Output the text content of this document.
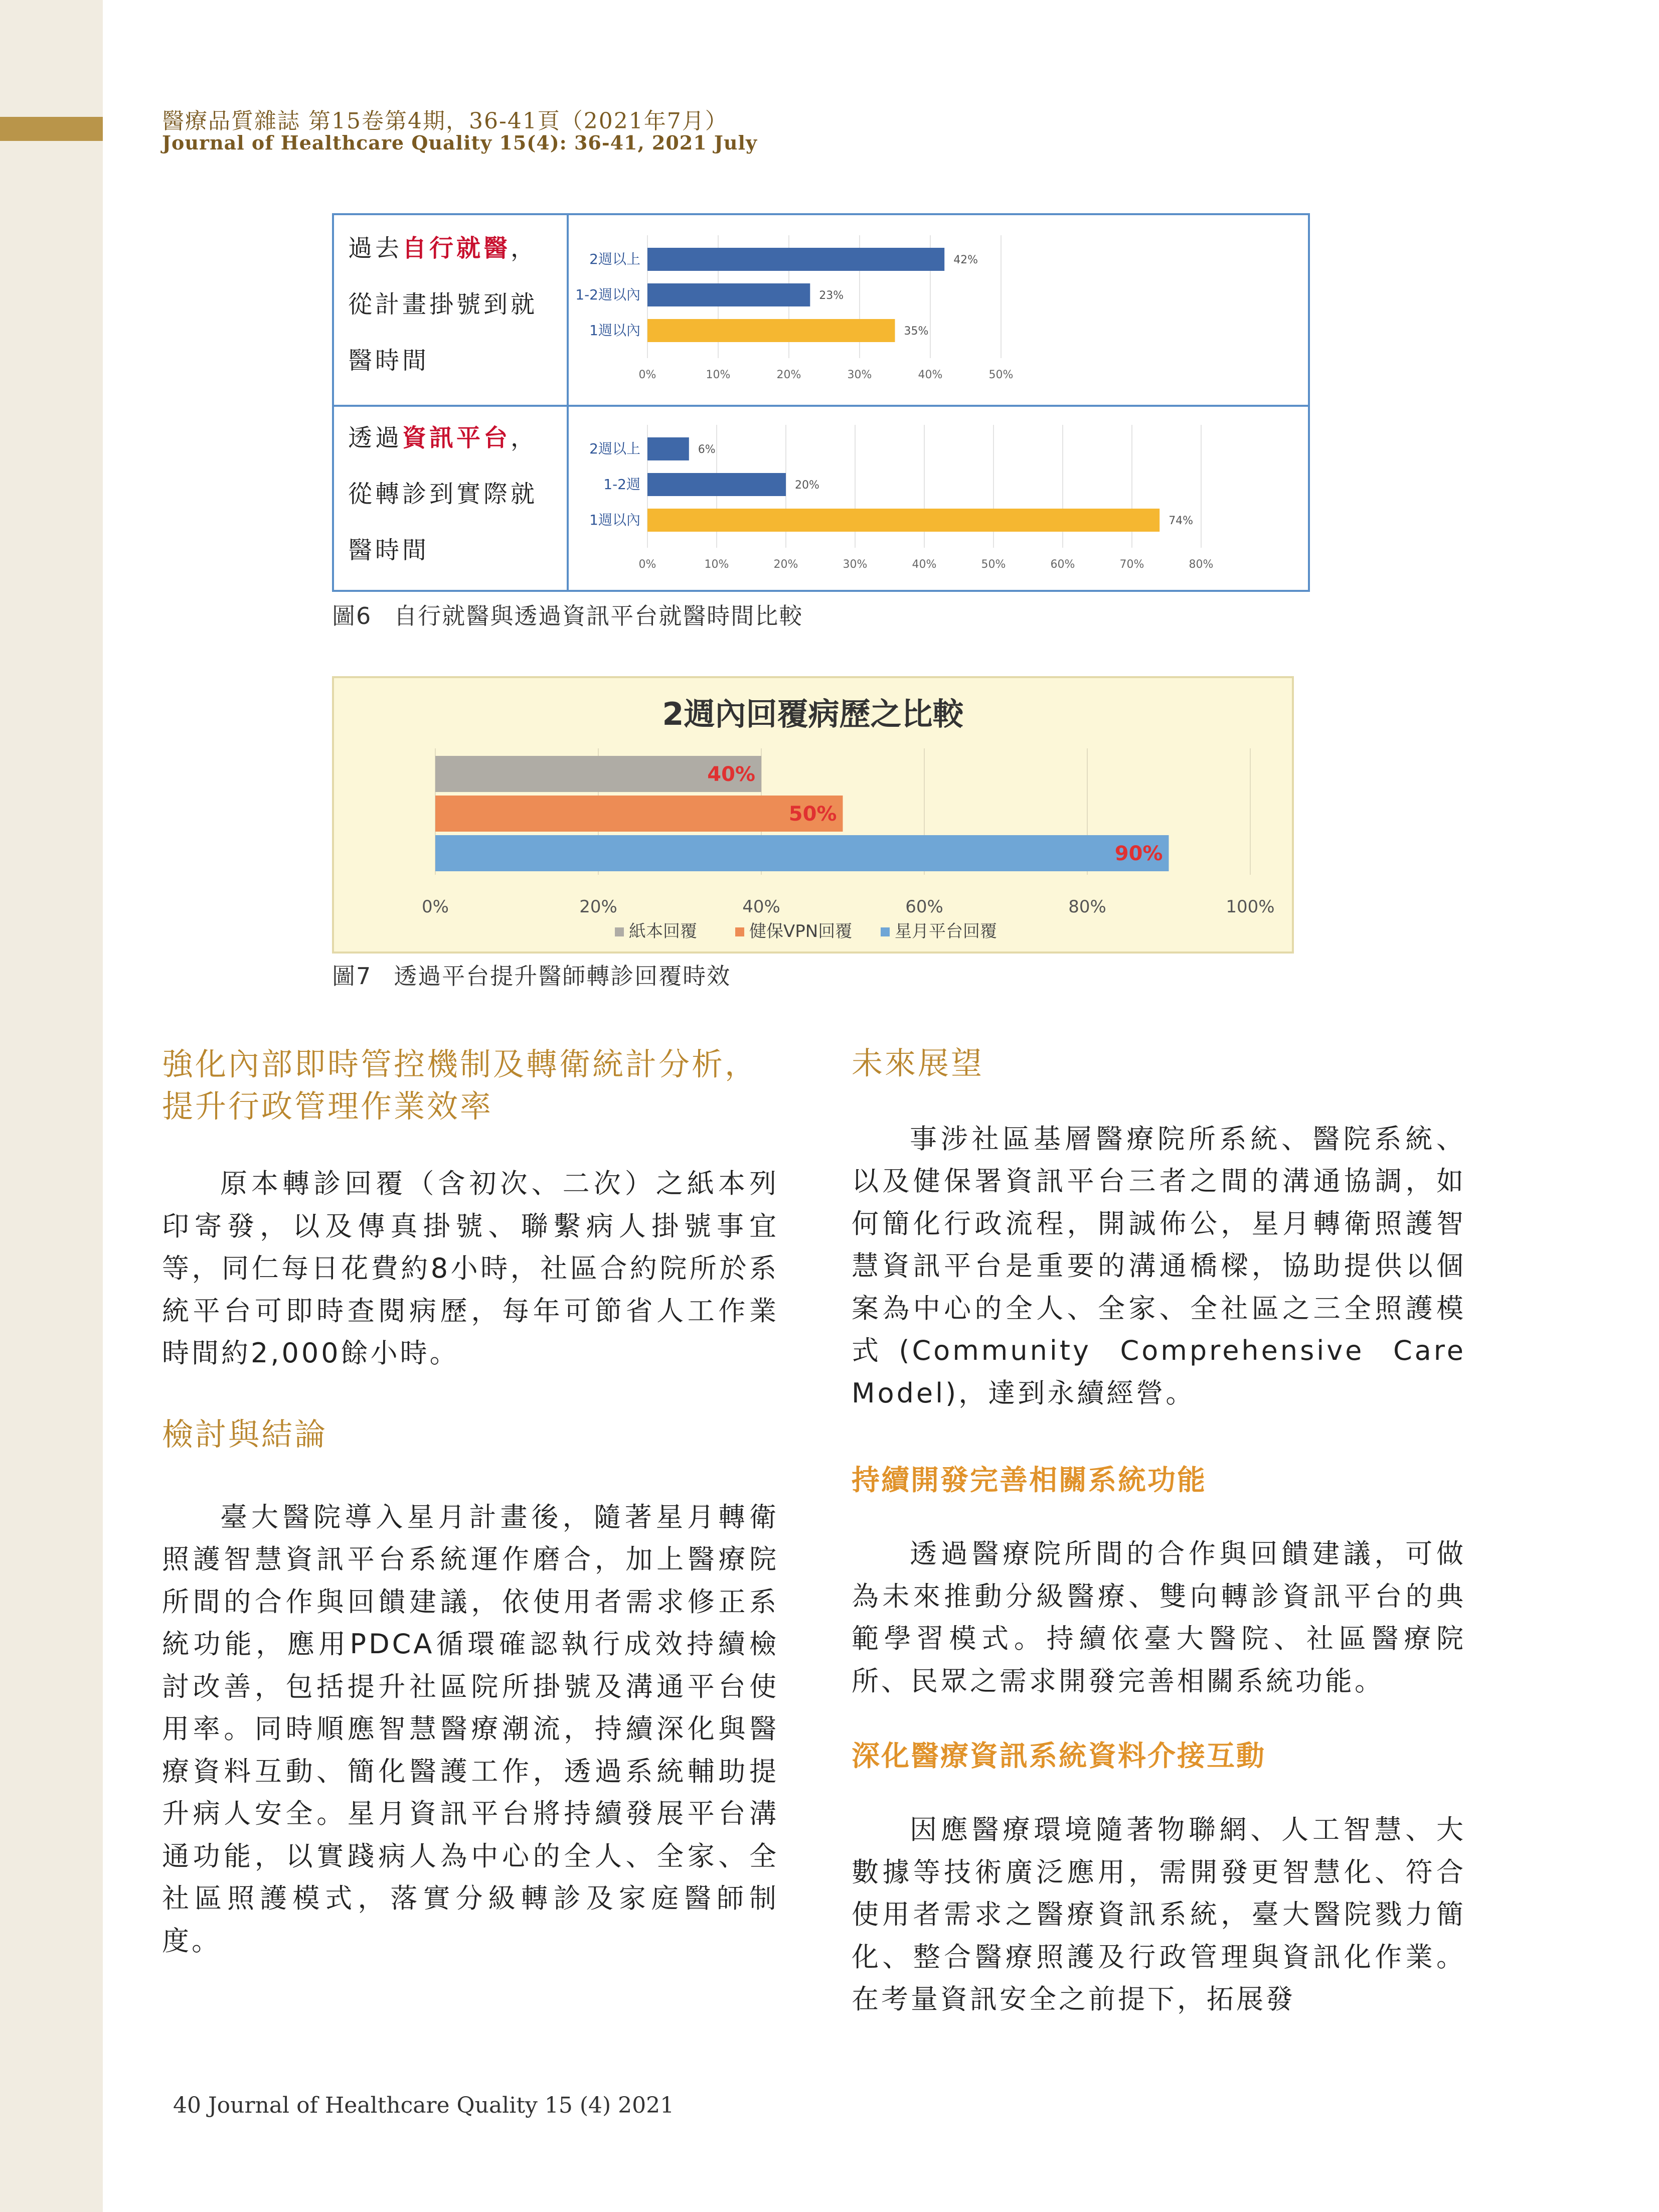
醫療品質雜誌 第15卷第4期，36-41頁（2021年7月）
Journal of Healthcare Quality 15(4): 36-41, 2021 July
過去自行就醫，從計畫掛號到就醫時間
透過資訊平台，從轉診到實際就醫時間
0%	10%	20%	30%	40%	50%
2週以上	42%
1-2週以內	23%
1週以內	35%
0%	10%	20%	30%	40%	50%	60%	70%	80%
2週以上	6%
1-2週	20%
1週以內	74%
圖6 自行就醫與透過資訊平台就醫時間比較
2週內回覆病歷之比較
0%	20%	40%	60%	80%	100%
40%
50%
90%
紙本回覆	健保VPN回覆 星月平台回覆
圖7 透過平台提升醫師轉診回覆時效
強化內部即時管控機制及轉衛統計分析，提升行政管理作業效率

原本轉診回覆（含初次、二次）之紙本列印寄發，以及傳真掛號、聯繫病人掛號事宜等，同仁每日花費約8小時，社區合約院所於系統平台可即時查閱病歷，每年可節省人工作業時間約2,000餘小時。

檢討與結論

臺大醫院導入星月計畫後，隨著星月轉衛照護智慧資訊平台系統運作磨合，加上醫療院所間的合作與回饋建議，依使用者需求修正系統功能，應用PDCA循環確認執行成效持續檢討改善，包括提升社區院所掛號及溝通平台使用率。同時順應智慧醫療潮流，持續深化與醫療資料互動、簡化醫護工作，透過系統輔助提升病人安全。星月資訊平台將持續發展平台溝通功能，以實踐病人為中心的全人、全家、全社區照護模式，落實分級轉診及家庭醫師制度。

未來展望

事涉社區基層醫療院所系統、醫院系統、以及健保署資訊平台三者之間的溝通協調，如何簡化行政流程，開誠佈公，星月轉衛照護智慧資訊平台是重要的溝通橋樑，協助提供以個案為中心的全人、全家、全社區之三全照護模式(Community Comprehensive Care Model)，達到永續經營。

持續開發完善相關系統功能

透過醫療院所間的合作與回饋建議，可做為未來推動分級醫療、雙向轉診資訊平台的典範學習模式。持續依臺大醫院、社區醫療院所、民眾之需求開發完善相關系統功能。

深化醫療資訊系統資料介接互動

因應醫療環境隨著物聯網、人工智慧、大數據等技術廣泛應用，需開發更智慧化、符合使用者需求之醫療資訊系統，臺大醫院戮力簡化、整合醫療照護及行政管理與資訊化作業。在考量資訊安全之前提下，拓展發

40 Journal of Healthcare Quality 15 (4) 2021
